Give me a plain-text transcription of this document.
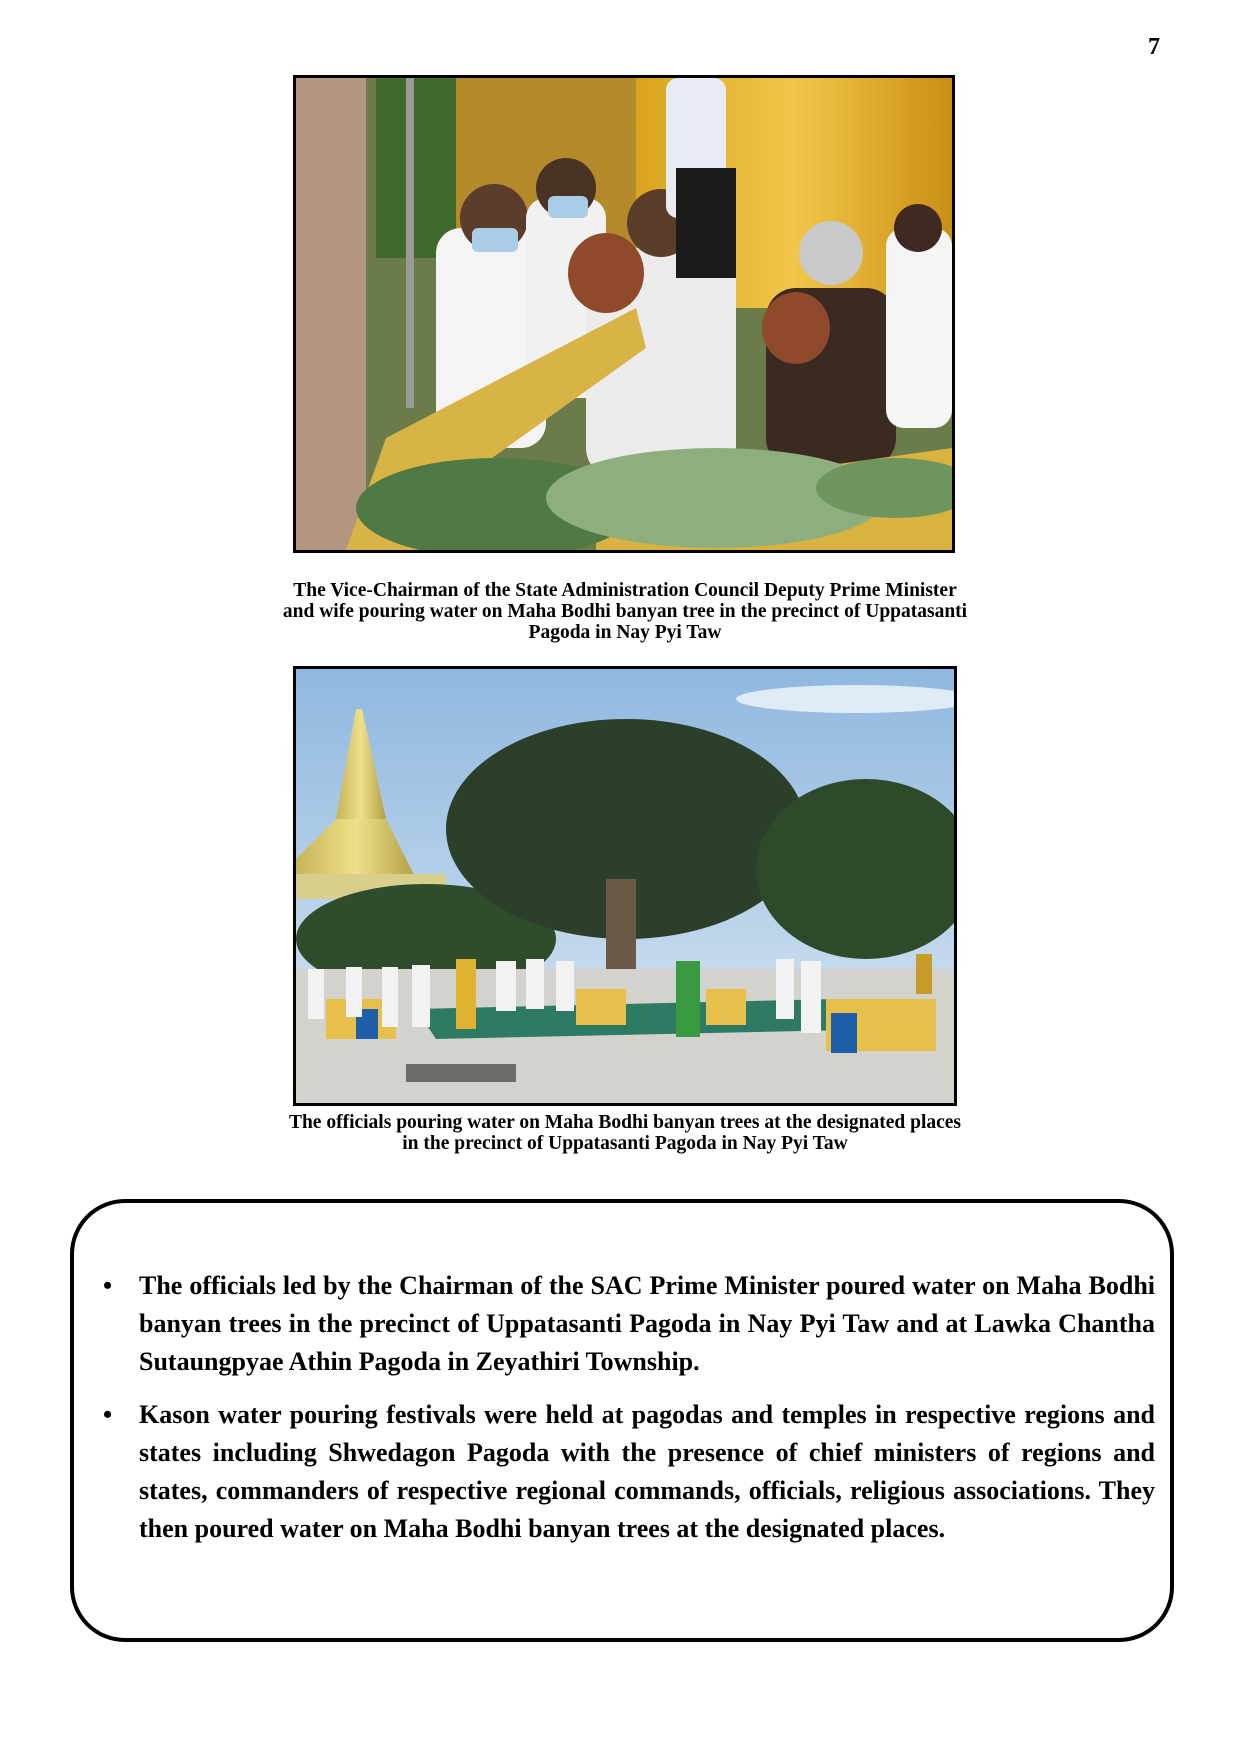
7
The Vice-Chairman of the State Administration Council Deputy Prime Minister and wife pouring water on Maha Bodhi banyan tree in the precinct of Uppatasanti Pagoda in Nay Pyi Taw
The officials pouring water on Maha Bodhi banyan trees at the designated places in the precinct of Uppatasanti Pagoda in Nay Pyi Taw
• The officials led by the Chairman of the SAC Prime Minister poured water on Maha Bodhi banyan trees in the precinct of Uppatasanti Pagoda in Nay Pyi Taw and at Lawka Chantha Sutaungpyae Athin Pagoda in Zeyathiri Township.
• Kason water pouring festivals were held at pagodas and temples in respective regions and states including Shwedagon Pagoda with the presence of chief ministers of regions and states, commanders of respective regional commands, officials, religious associations. They then poured water on Maha Bodhi banyan trees at the designated places.
